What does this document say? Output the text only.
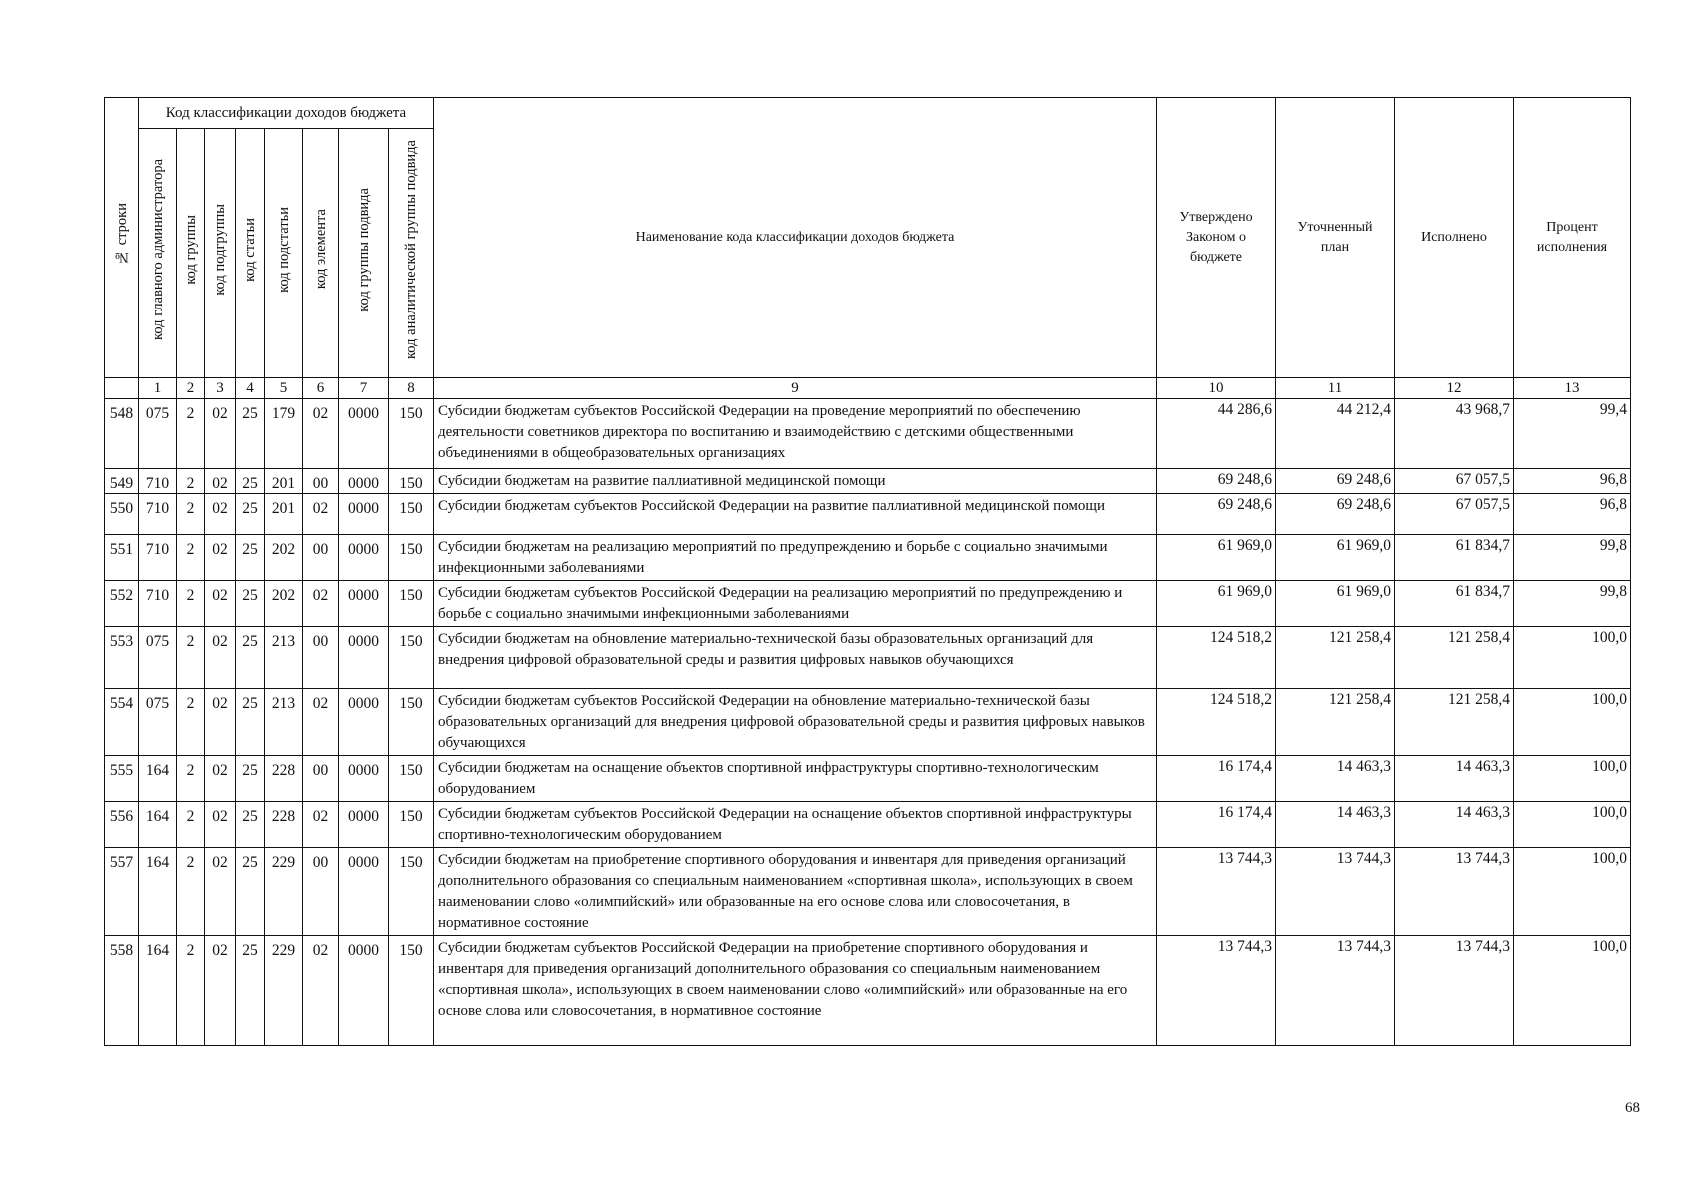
№ строки	Код классификации доходов бюджета								Наименование кода классификации доходов бюджета	Утверждено Законом о бюджете	Уточненный план	Исполнено	Процент исполнения
	код главного администратора	код группы	код подгруппы	код статьи	код подстатьи	код элемента	код группы подвида	код аналитической группы подвида					
	1	2	3	4	5	6	7	8	9	10	11	12	13
548	075	2	02	25	179	02	0000	150	Субсидии бюджетам субъектов Российской Федерации на проведение мероприятий по обеспечению деятельности советников директора по воспитанию и взаимодействию с детскими общественными объединениями в общеобразовательных организациях	44 286,6	44 212,4	43 968,7	99,4
549	710	2	02	25	201	00	0000	150	Субсидии бюджетам на развитие паллиативной медицинской помощи	69 248,6	69 248,6	67 057,5	96,8
550	710	2	02	25	201	02	0000	150	Субсидии бюджетам субъектов Российской Федерации на развитие паллиативной медицинской помощи	69 248,6	69 248,6	67 057,5	96,8
551	710	2	02	25	202	00	0000	150	Субсидии бюджетам на реализацию мероприятий по предупреждению и борьбе с социально значимыми инфекционными заболеваниями	61 969,0	61 969,0	61 834,7	99,8
552	710	2	02	25	202	02	0000	150	Субсидии бюджетам субъектов Российской Федерации на реализацию мероприятий по предупреждению и борьбе с социально значимыми инфекционными заболеваниями	61 969,0	61 969,0	61 834,7	99,8
553	075	2	02	25	213	00	0000	150	Субсидии бюджетам на обновление материально-технической базы образовательных организаций для внедрения цифровой образовательной среды и развития цифровых навыков обучающихся	124 518,2	121 258,4	121 258,4	100,0
554	075	2	02	25	213	02	0000	150	Субсидии бюджетам субъектов Российской Федерации на обновление материально-технической базы образовательных организаций для внедрения цифровой образовательной среды и развития цифровых навыков обучающихся	124 518,2	121 258,4	121 258,4	100,0
555	164	2	02	25	228	00	0000	150	Субсидии бюджетам на оснащение объектов спортивной инфраструктуры спортивно-технологическим оборудованием	16 174,4	14 463,3	14 463,3	100,0
556	164	2	02	25	228	02	0000	150	Субсидии бюджетам субъектов Российской Федерации на оснащение объектов спортивной инфраструктуры спортивно-технологическим оборудованием	16 174,4	14 463,3	14 463,3	100,0
557	164	2	02	25	229	00	0000	150	Субсидии бюджетам на приобретение спортивного оборудования и инвентаря для приведения организаций дополнительного образования со специальным наименованием «спортивная школа», использующих в своем наименовании слово «олимпийский» или образованные на его основе слова или словосочетания, в нормативное состояние	13 744,3	13 744,3	13 744,3	100,0
558	164	2	02	25	229	02	0000	150	Субсидии бюджетам субъектов Российской Федерации на приобретение спортивного оборудования и инвентаря для приведения организаций дополнительного образования со специальным наименованием «спортивная школа», использующих в своем наименовании слово «олимпийский» или образованные на его основе слова или словосочетания, в нормативное состояние	13 744,3	13 744,3	13 744,3	100,0
68
